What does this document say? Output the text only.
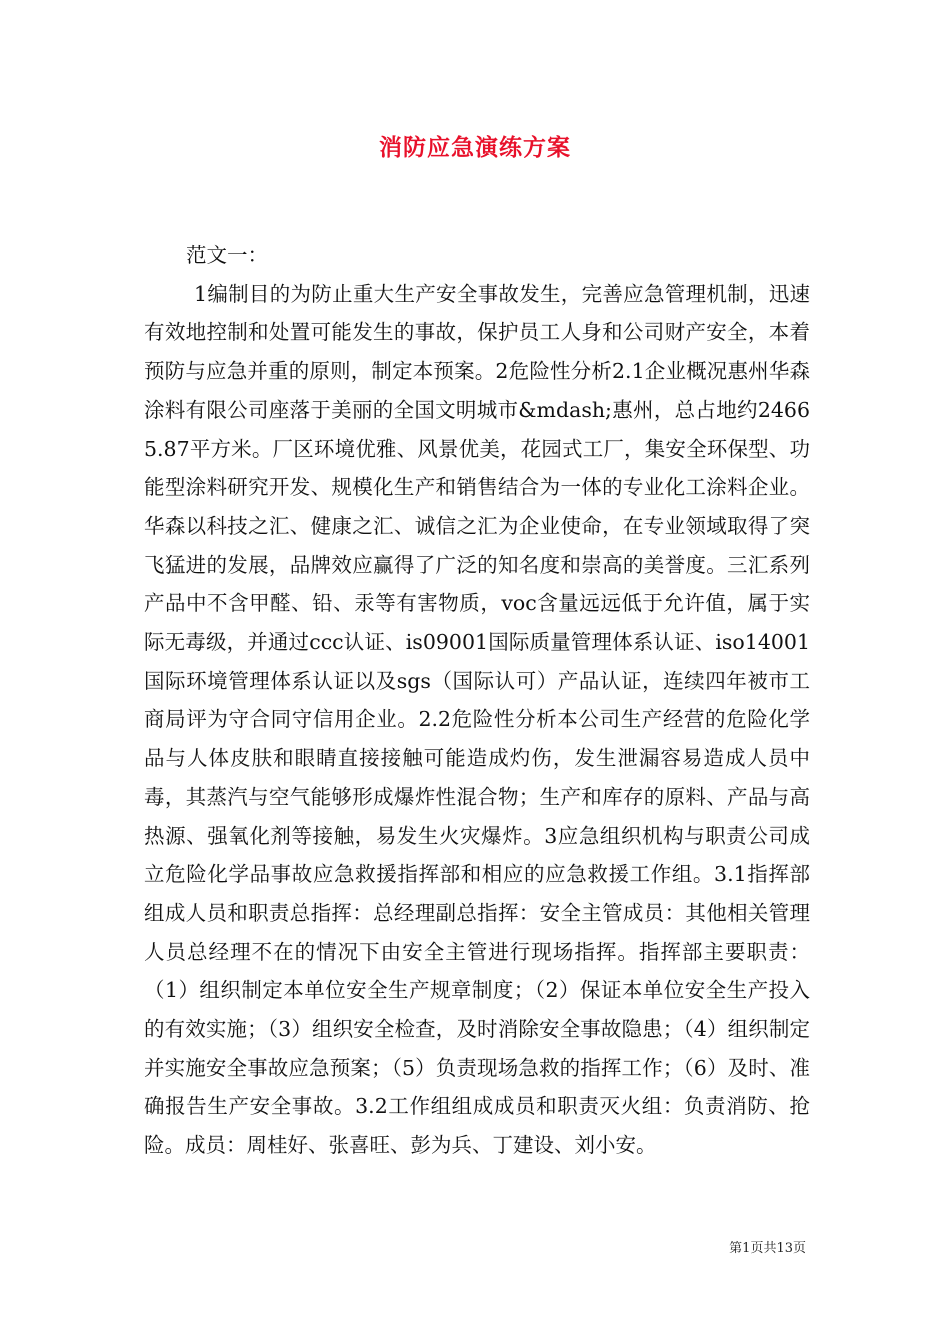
消防应急演练方案

范文一：

1编制目的为防止重大生产安全事故发生，完善应急管理机制，迅速有效地控制和处置可能发生的事故，保护员工人身和公司财产安全，本着预防与应急并重的原则，制定本预案。2危险性分析2.1企业概况惠州华森涂料有限公司座落于美丽的全国文明城市&mdash;惠州，总占地约24665.87平方米。厂区环境优雅、风景优美，花园式工厂，集安全环保型、功能型涂料研究开发、规模化生产和销售结合为一体的专业化工涂料企业。华森以科技之汇、健康之汇、诚信之汇为企业使命，在专业领域取得了突飞猛进的发展，品牌效应赢得了广泛的知名度和崇高的美誉度。三汇系列产品中不含甲醛、铅、汞等有害物质，voc含量远远低于允许值，属于实际无毒级，并通过ccc认证、is09001国际质量管理体系认证、iso14001国际环境管理体系认证以及sgs（国际认可）产品认证，连续四年被市工商局评为守合同守信用企业。2.2危险性分析本公司生产经营的危险化学品与人体皮肤和眼睛直接接触可能造成灼伤，发生泄漏容易造成人员中毒，其蒸汽与空气能够形成爆炸性混合物；生产和库存的原料、产品与高热源、强氧化剂等接触，易发生火灾爆炸。3应急组织机构与职责公司成立危险化学品事故应急救援指挥部和相应的应急救援工作组。3.1指挥部组成人员和职责总指挥：总经理副总指挥：安全主管成员：其他相关管理人员总经理不在的情况下由安全主管进行现场指挥。指挥部主要职责：（1）组织制定本单位安全生产规章制度；（2）保证本单位安全生产投入的有效实施；（3）组织安全检查，及时消除安全事故隐患；（4）组织制定并实施安全事故应急预案；（5）负责现场急救的指挥工作；（6）及时、准确报告生产安全事故。3.2工作组组成成员和职责灭火组：负责消防、抢险。成员：周桂好、张喜旺、彭为兵、丁建设、刘小安。

第1页共13页
